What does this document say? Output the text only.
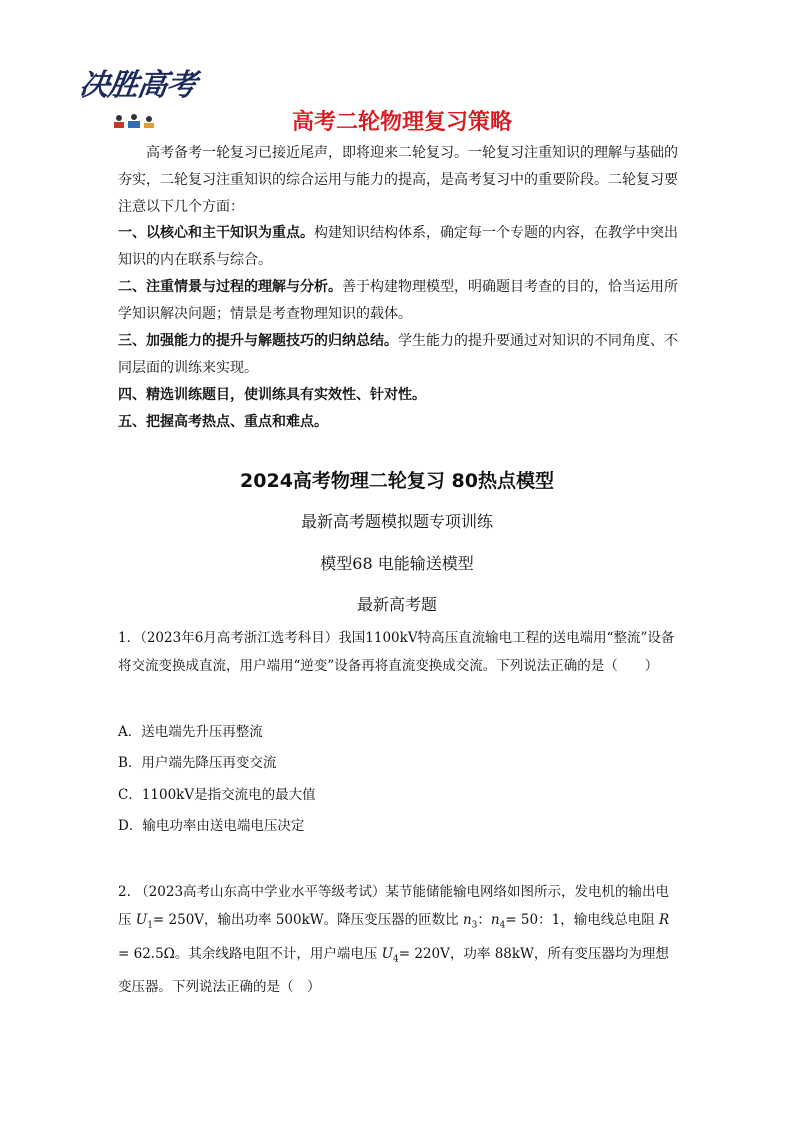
决胜高考
高考二轮物理复习策略
高考备考一轮复习已接近尾声，即将迎来二轮复习。一轮复习注重知识的理解与基础的夯实，二轮复习注重知识的综合运用与能力的提高，是高考复习中的重要阶段。二轮复习要注意以下几个方面：

一、以核心和主干知识为重点。构建知识结构体系，确定每一个专题的内容，在教学中突出知识的内在联系与综合。

二、注重情景与过程的理解与分析。善于构建物理模型，明确题目考查的目的，恰当运用所学知识解决问题；情景是考查物理知识的载体。

三、加强能力的提升与解题技巧的归纳总结。学生能力的提升要通过对知识的不同角度、不同层面的训练来实现。

四、精选训练题目，使训练具有实效性、针对性。

五、把握高考热点、重点和难点。

2024高考物理二轮复习 80热点模型
最新高考题模拟题专项训练
模型68 电能输送模型
最新高考题
1．（2023年6月高考浙江选考科目）我国1100kV特高压直流输电工程的送电端用“整流”设备将交流变换成直流，用户端用“逆变”设备再将直流变换成交流。下列说法正确的是（　　）
A．送电端先升压再整流
B．用户端先降压再变交流
C．1100kV是指交流电的最大值
D．输电功率由送电端电压决定
2. （2023高考山东高中学业水平等级考试）某节能储能输电网络如图所示，发电机的输出电压 $U_1= 250V$，输出功率 500kW。降压变压器的匝数比 $n_3$：$n_4= 50$：1，输电线总电阻 R = 62.5Ω。其余线路电阻不计，用户端电压 $U_4= 220V$，功率 88kW，所有变压器均为理想变压器。下列说法正确的是（　）
